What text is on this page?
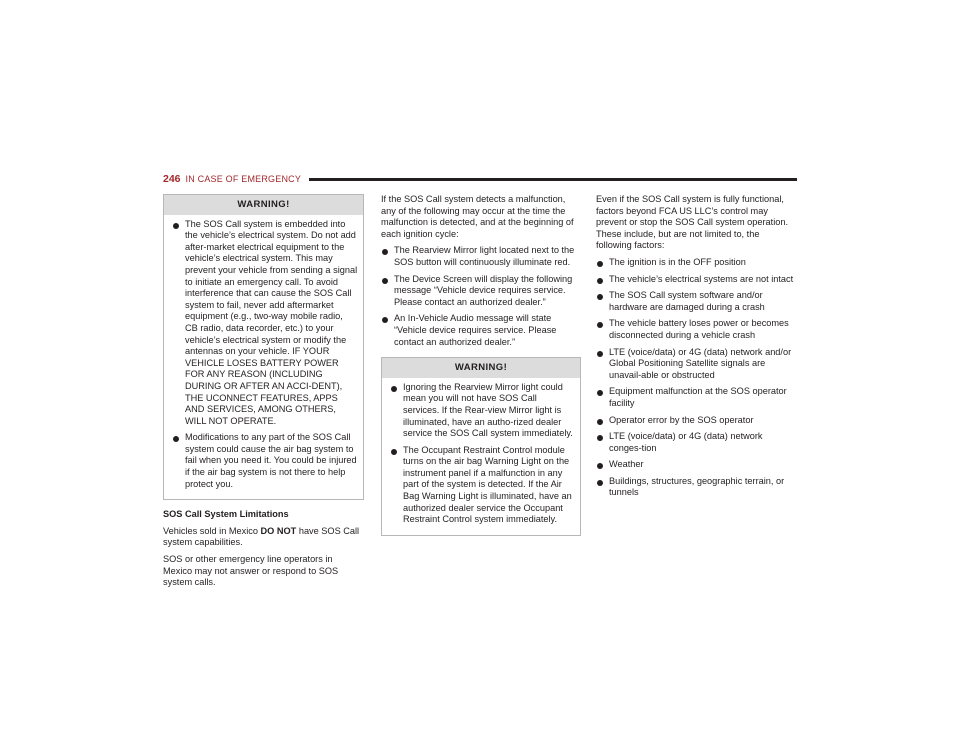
246 IN CASE OF EMERGENCY
WARNING!
The SOS Call system is embedded into the vehicle’s electrical system. Do not add after-market electrical equipment to the vehicle’s electrical system. This may prevent your vehicle from sending a signal to initiate an emergency call. To avoid interference that can cause the SOS Call system to fail, never add aftermarket equipment (e.g., two-way mobile radio, CB radio, data recorder, etc.) to your vehicle’s electrical system or modify the antennas on your vehicle. IF YOUR VEHICLE LOSES BATTERY POWER FOR ANY REASON (INCLUDING DURING OR AFTER AN ACCI-DENT), THE UCONNECT FEATURES, APPS AND SERVICES, AMONG OTHERS, WILL NOT OPERATE.
Modifications to any part of the SOS Call system could cause the air bag system to fail when you need it. You could be injured if the air bag system is not there to help protect you.
SOS Call System Limitations

Vehicles sold in Mexico DO NOT have SOS Call system capabilities.

SOS or other emergency line operators in Mexico may not answer or respond to SOS system calls.

If the SOS Call system detects a malfunction, any of the following may occur at the time the malfunction is detected, and at the beginning of each ignition cycle:

The Rearview Mirror light located next to the SOS button will continuously illuminate red.
The Device Screen will display the following message “Vehicle device requires service. Please contact an authorized dealer.”
An In-Vehicle Audio message will state “Vehicle device requires service. Please contact an authorized dealer.”
WARNING!
Ignoring the Rearview Mirror light could mean you will not have SOS Call services. If the Rear-view Mirror light is illuminated, have an autho-rized dealer service the SOS Call system immediately.
The Occupant Restraint Control module turns on the air bag Warning Light on the instrument panel if a malfunction in any part of the system is detected. If the Air Bag Warning Light is illuminated, have an authorized dealer service the Occupant Restraint Control system immediately.

Even if the SOS Call system is fully functional, factors beyond FCA US LLC’s control may prevent or stop the SOS Call system operation. These include, but are not limited to, the following factors:

The ignition is in the OFF position
The vehicle’s electrical systems are not intact
The SOS Call system software and/or hardware are damaged during a crash
The vehicle battery loses power or becomes disconnected during a vehicle crash
LTE (voice/data) or 4G (data) network and/or Global Positioning Satellite signals are unavail-able or obstructed
Equipment malfunction at the SOS operator facility
Operator error by the SOS operator
LTE (voice/data) or 4G (data) network conges-tion
Weather
Buildings, structures, geographic terrain, or tunnels
